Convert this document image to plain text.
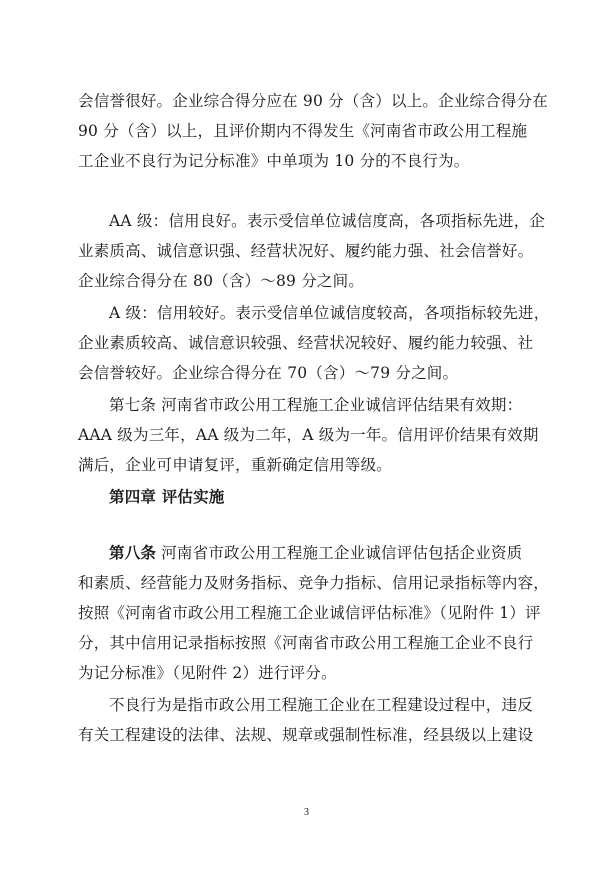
会信誉很好。企业综合得分应在 90 分（含）以上。企业综合得分在
90 分（含）以上，且评价期内不得发生《河南省市政公用工程施
工企业不良行为记分标准》中单项为 10 分的不良行为。
AA 级：信用良好。表示受信单位诚信度高，各项指标先进，企
业素质高、诚信意识强、经营状况好、履约能力强、社会信誉好。
企业综合得分在 80（含）～89 分之间。
A 级：信用较好。表示受信单位诚信度较高，各项指标较先进，
企业素质较高、诚信意识较强、经营状况较好、履约能力较强、社
会信誉较好。企业综合得分在 70（含）～79 分之间。
第七条 河南省市政公用工程施工企业诚信评估结果有效期：
AAA 级为三年，AA 级为二年，A 级为一年。信用评价结果有效期
满后，企业可申请复评，重新确定信用等级。
第四章 评估实施
第八条 河南省市政公用工程施工企业诚信评估包括企业资质
和素质、经营能力及财务指标、竞争力指标、信用记录指标等内容，
按照《河南省市政公用工程施工企业诚信评估标准》（见附件 1）评
分，其中信用记录指标按照《河南省市政公用工程施工企业不良行
为记分标准》（见附件 2）进行评分。
不良行为是指市政公用工程施工企业在工程建设过程中，违反
有关工程建设的法律、法规、规章或强制性标准，经县级以上建设
3
